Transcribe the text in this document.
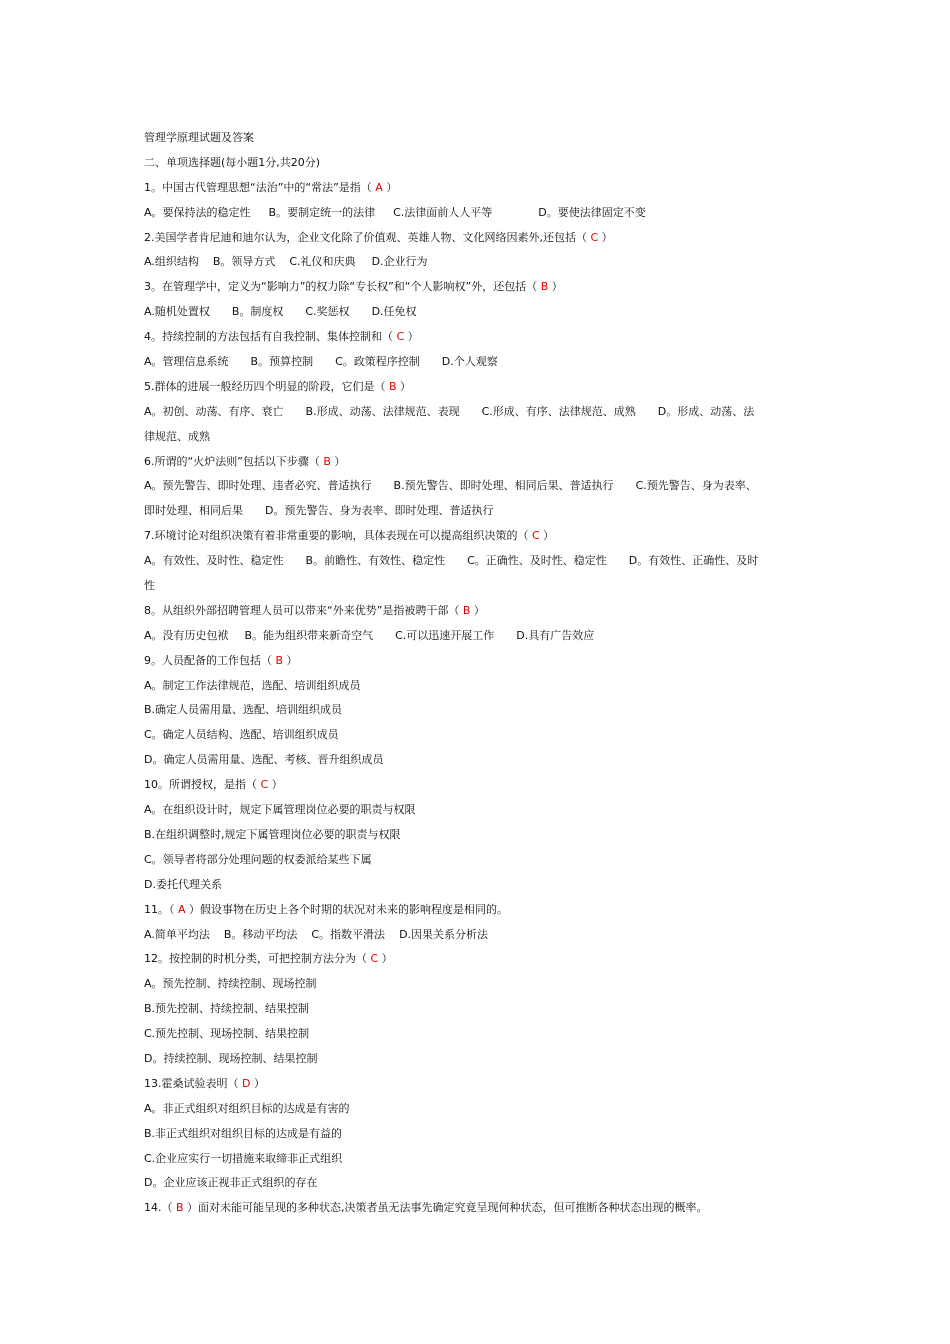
管理学原理试题及答案
二、单项选择题(每小题1分,共20分)
1。中国古代管理思想“法治”中的“常法”是指（ A ）
A。要保持法的稳定性 B。要制定统一的法律 C.法律面前人人平等	D。要使法律固定不变
2.美国学者肯尼迪和迪尔认为，企业文化除了价值观、英雄人物、文化网络因素外,还包括（ C ）
A.组织结构 B。领导方式 C.礼仪和庆典 D.企业行为
3。在管理学中，定义为“影响力”的权力除“专长权”和“个人影响权”外，还包括（ B ）
A.随机处置权 B。制度权 C.奖惩权 D.任免权
4。持续控制的方法包括有自我控制、集体控制和（ C ）
A。管理信息系统 B。预算控制 C。政策程序控制 D.个人观察
5.群体的进展一般经历四个明显的阶段，它们是（ B ）
A。初创、动荡、有序、衰亡　　B.形成、动荡、法律规范、表现　　C.形成、有序、法律规范、成熟　　D。形成、动荡、法
律规范、成熟
6.所谓的“火炉法则”包括以下步骤（ B ）
A。预先警告、即时处理、违者必究、普适执行　　B.预先警告、即时处理、相同后果、普适执行　　C.预先警告、身为表率、
即时处理、相同后果　　D。预先警告、身为表率、即时处理、普适执行
7.环境讨论对组织决策有着非常重要的影响，具体表现在可以提高组织决策的（ C ）
A。有效性、及时性、稳定性　　B。前瞻性、有效性、稳定性　　C。正确性、及时性、稳定性　　D。有效性、正确性、及时
性
8。从组织外部招聘管理人员可以带来“外来优势”是指被聘干部（ B ）
A。没有历史包袱 B。能为组织带来新奇空气 C.可以迅速开展工作 D.具有广告效应
9。人员配备的工作包括（ B ）
A。制定工作法律规范，选配、培训组织成员
B.确定人员需用量、选配、培训组织成员
C。确定人员结构、选配、培训组织成员
D。确定人员需用量、选配、考核、晋升组织成员
10。所谓授权，是指（ C ）
A。在组织设计时，规定下属管理岗位必要的职责与权限
B.在组织调整时,规定下属管理岗位必要的职责与权限
C。领导者将部分处理问题的权委派给某些下属
D.委托代理关系
11。（ A ）假设事物在历史上各个时期的状况对未来的影响程度是相同的。
A.简单平均法 B。移动平均法 C。指数平滑法 D.因果关系分析法
12。按控制的时机分类，可把控制方法分为（ C ）
A。预先控制、持续控制、现场控制
B.预先控制、持续控制、结果控制
C.预先控制、现场控制、结果控制
D。持续控制、现场控制、结果控制
13.霍桑试验表明（ D ）
A。非正式组织对组织目标的达成是有害的
B.非正式组织对组织目标的达成是有益的
C.企业应实行一切措施来取缔非正式组织
D。企业应该正视非正式组织的存在
14.（ B ）面对未能可能呈现的多种状态,决策者虽无法事先确定究竟呈现何种状态，但可推断各种状态出现的概率。
